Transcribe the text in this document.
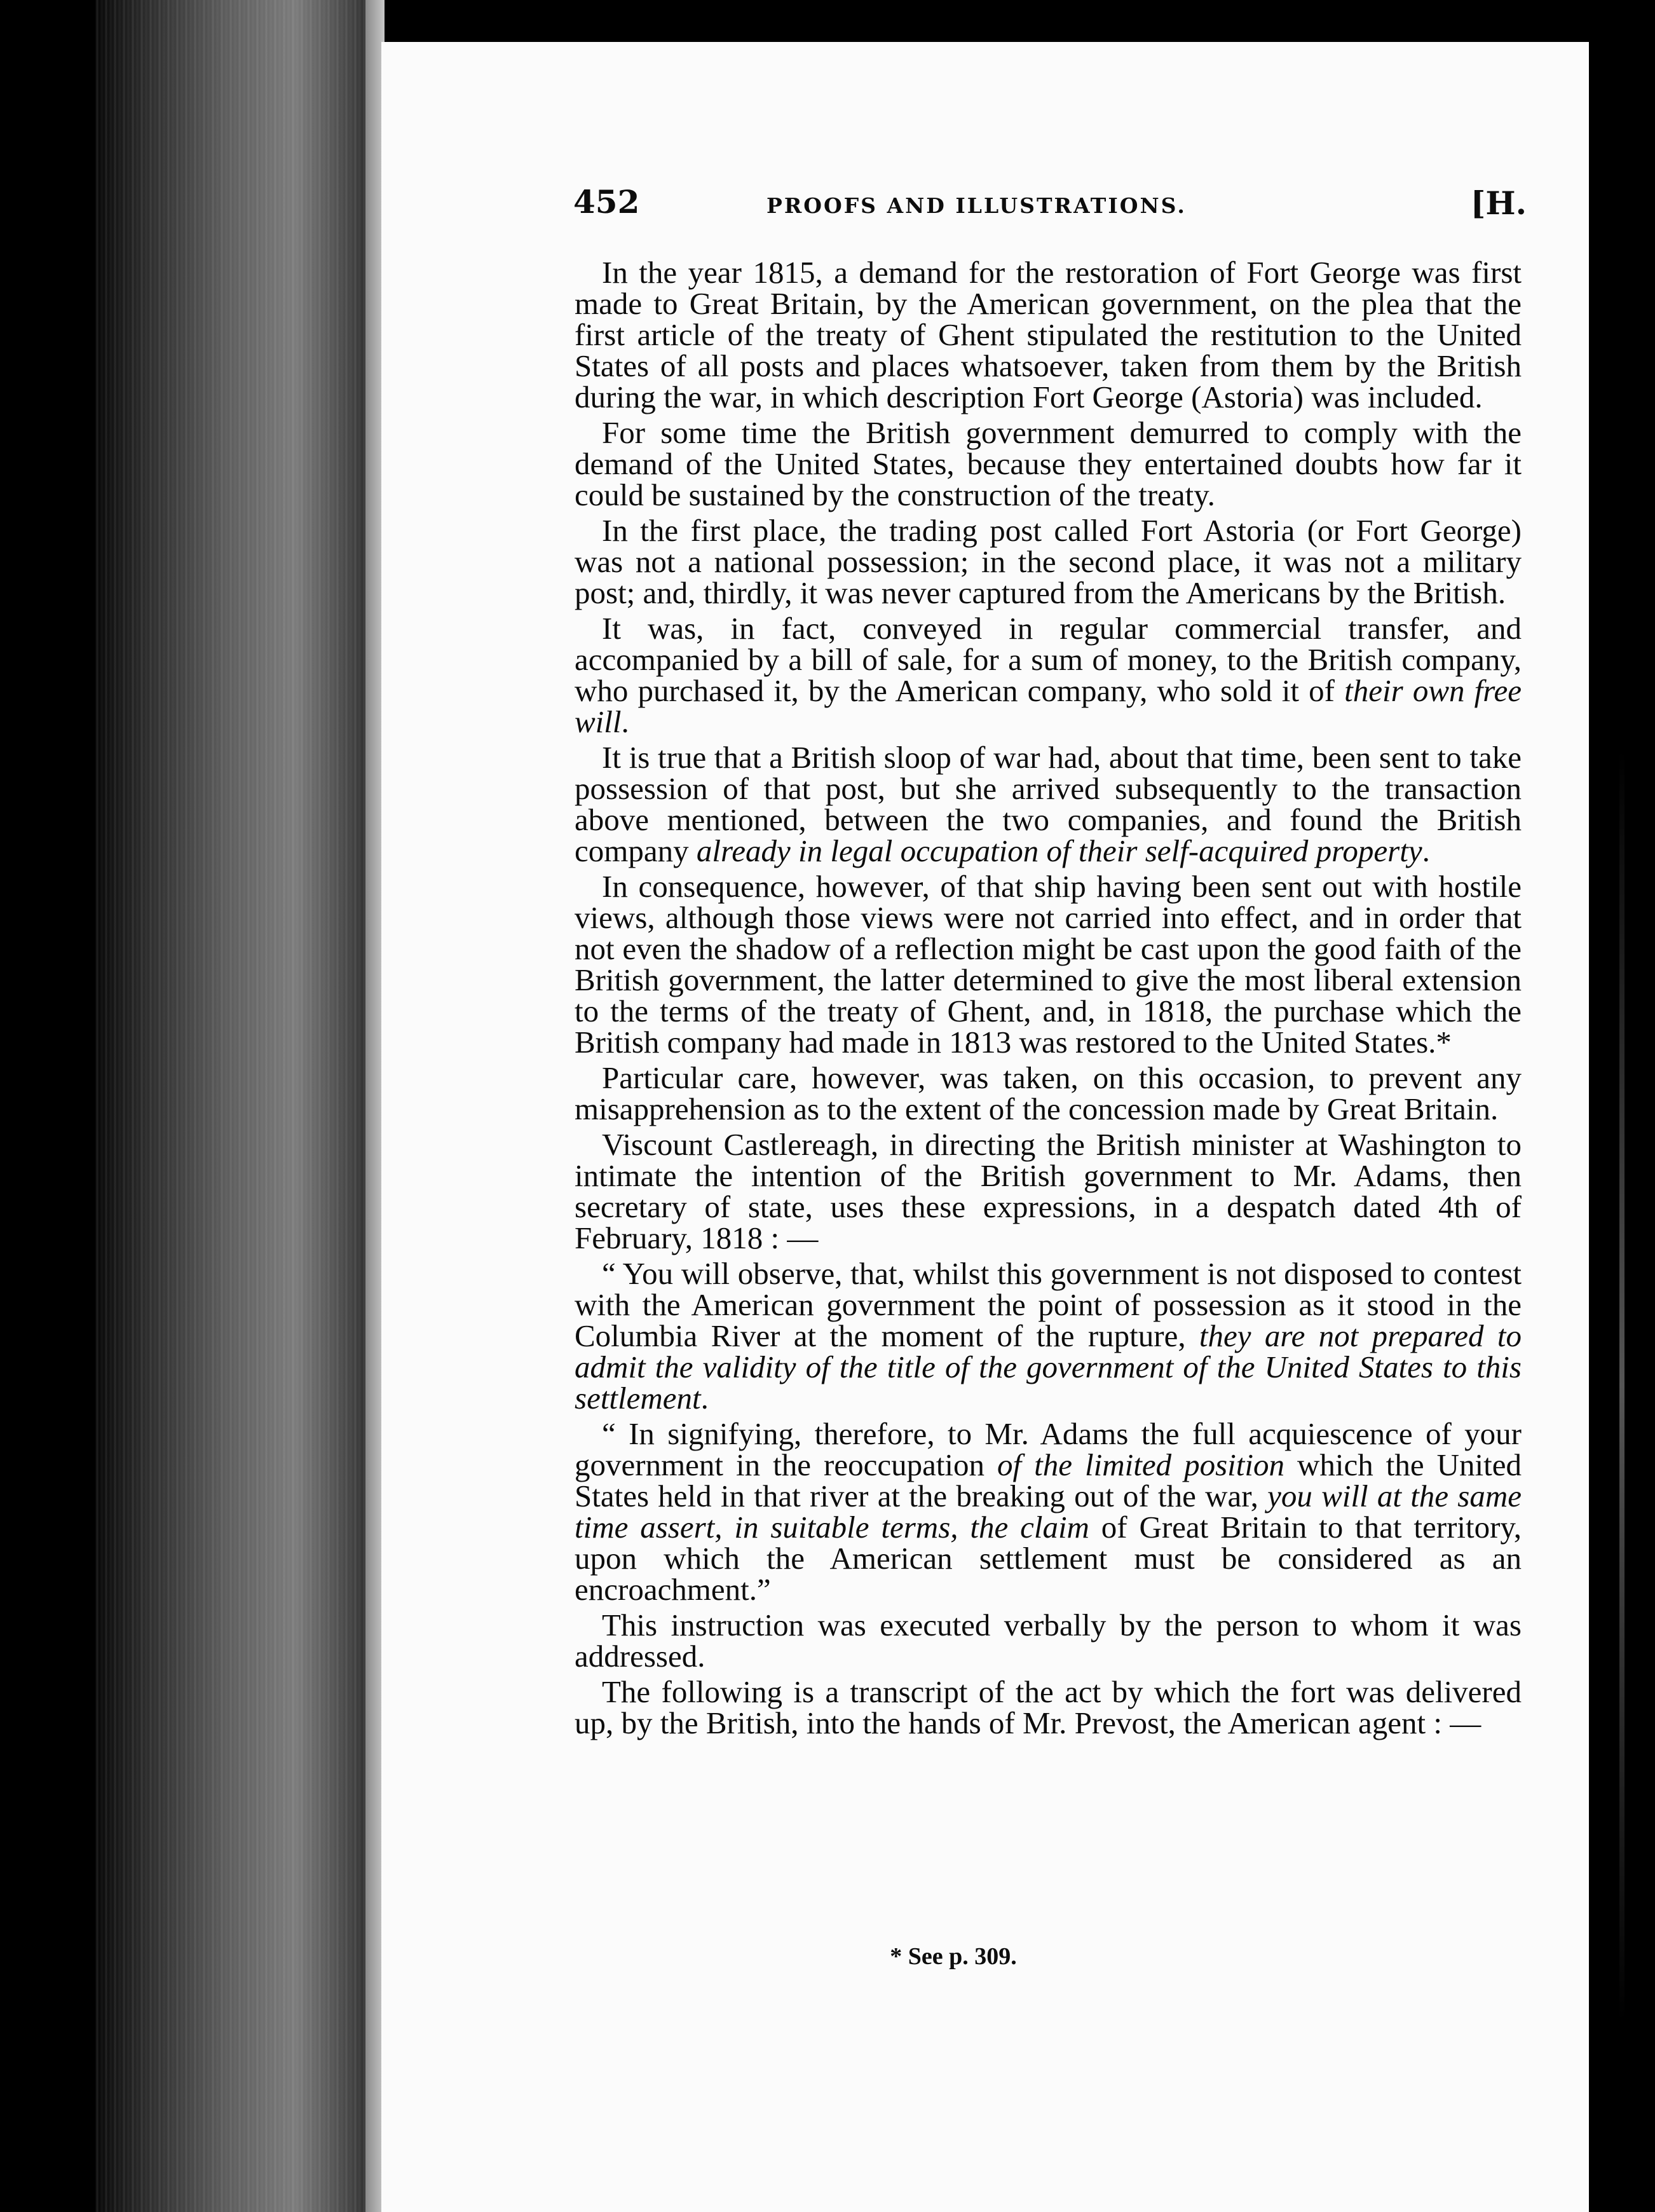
452	PROOFS AND ILLUSTRATIONS.	[H.

In the year 1815, a demand for the restoration of Fort George was first made to Great Britain, by the American government, on the plea that the first article of the treaty of Ghent stipulated the restitution to the United States of all posts and places whatsoever, taken from them by the British during the war, in which description Fort George (Astoria) was included.

For some time the British government demurred to comply with the demand of the United States, because they entertained doubts how far it could be sustained by the construction of the treaty.

In the first place, the trading post called Fort Astoria (or Fort George) was not a national possession; in the second place, it was not a military post; and, thirdly, it was never captured from the Americans by the British.

It was, in fact, conveyed in regular commercial transfer, and accompanied by a bill of sale, for a sum of money, to the British company, who purchased it, by the American company, who sold it of their own free will.

It is true that a British sloop of war had, about that time, been sent to take possession of that post, but she arrived subsequently to the transaction above mentioned, between the two companies, and found the British company already in legal occupation of their self-acquired property.

In consequence, however, of that ship having been sent out with hostile views, although those views were not carried into effect, and in order that not even the shadow of a reflection might be cast upon the good faith of the British government, the latter determined to give the most liberal extension to the terms of the treaty of Ghent, and, in 1818, the purchase which the British company had made in 1813 was restored to the United States.*

Particular care, however, was taken, on this occasion, to prevent any misapprehension as to the extent of the concession made by Great Britain.

Viscount Castlereagh, in directing the British minister at Washington to intimate the intention of the British government to Mr. Adams, then secretary of state, uses these expressions, in a despatch dated 4th of February, 1818 : —

“ You will observe, that, whilst this government is not disposed to contest with the American government the point of possession as it stood in the Columbia River at the moment of the rupture, they are not prepared to admit the validity of the title of the government of the United States to this settlement.

“ In signifying, therefore, to Mr. Adams the full acquiescence of your government in the reoccupation of the limited position which the United States held in that river at the breaking out of the war, you will at the same time assert, in suitable terms, the claim of Great Britain to that territory, upon which the American settlement must be considered as an encroachment.”

This instruction was executed verbally by the person to whom it was addressed.

The following is a transcript of the act by which the fort was delivered up, by the British, into the hands of Mr. Prevost, the American agent : —

* See p. 309.
